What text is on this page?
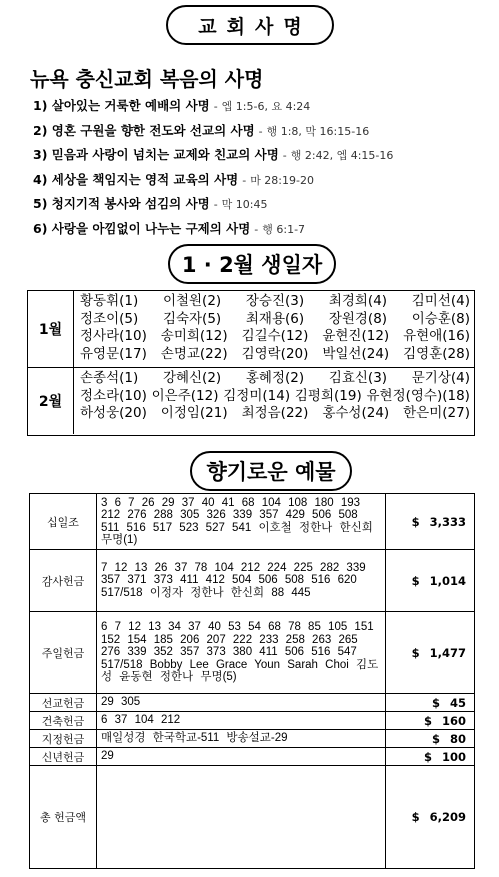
교회사명
뉴욕 충신교회 복음의 사명
1) 살아있는 거룩한 예배의 사명 - 엡 1:5-6, 요 4:24
2) 영혼 구원을 향한 전도와 선교의 사명 - 행 1:8, 막 16:15-16
3) 믿음과 사랑이 넘치는 교제와 친교의 사명 - 행 2:42, 엡 4:15-16
4) 세상을 책임지는 영적 교육의 사명 - 마 28:19-20
5) 청지기적 봉사와 섬김의 사명 - 막 10:45
6) 사랑을 아낌없이 나누는 구제의 사명 - 행 6:1-7
1 · 2월 생일자
1월
황동휘(1) 이철원(2) 장승진(3) 최경희(4) 김미선(4)
정조이(5) 김숙자(5) 최재용(6) 장원경(8) 이승훈(8)
정사라(10) 송미희(12) 김길수(12) 윤현진(12) 유현애(16)
유영문(17) 손명교(22) 김영락(20) 박일선(24) 김영훈(28)
2월
손종석(1) 강혜신(2) 홍혜정(2) 김효신(3) 문기상(4)
정소라(10) 이은주(12) 김정미(14) 김평희(19) 유현정(영수)(18)
하성웅(20) 이정임(21) 최정음(22) 홍수성(24) 한은미(27)
향기로운 예물
십일조	3 6 7 26 29 37 40 41 68 104 108 180 193 212 276 288 305 326 339 357 429 506 508 511 516 517 523 527 541 이호철 정한나 한신희 무명(1)	$ 3,333
감사헌금	7 12 13 26 37 78 104 212 224 225 282 339 357 371 373 411 412 504 506 508 516 620 517/518 이정자 정한나 한신희 88 445	$ 1,014
주일헌금	6 7 12 13 34 37 40 53 54 68 78 85 105 151 152 154 185 206 207 222 233 258 263 265 276 339 352 357 373 380 411 506 516 547 517/518 Bobby Lee Grace Youn Sarah Choi 김도성 윤동현 정한나 무명(5)	$ 1,477
선교헌금	29 305	$ 45
건축헌금	6 37 104 212	$ 160
지정헌금	매일성경 한국학교-511 방송설교-29	$ 80
신년헌금	29	$ 100
총 헌금액		$ 6,209
